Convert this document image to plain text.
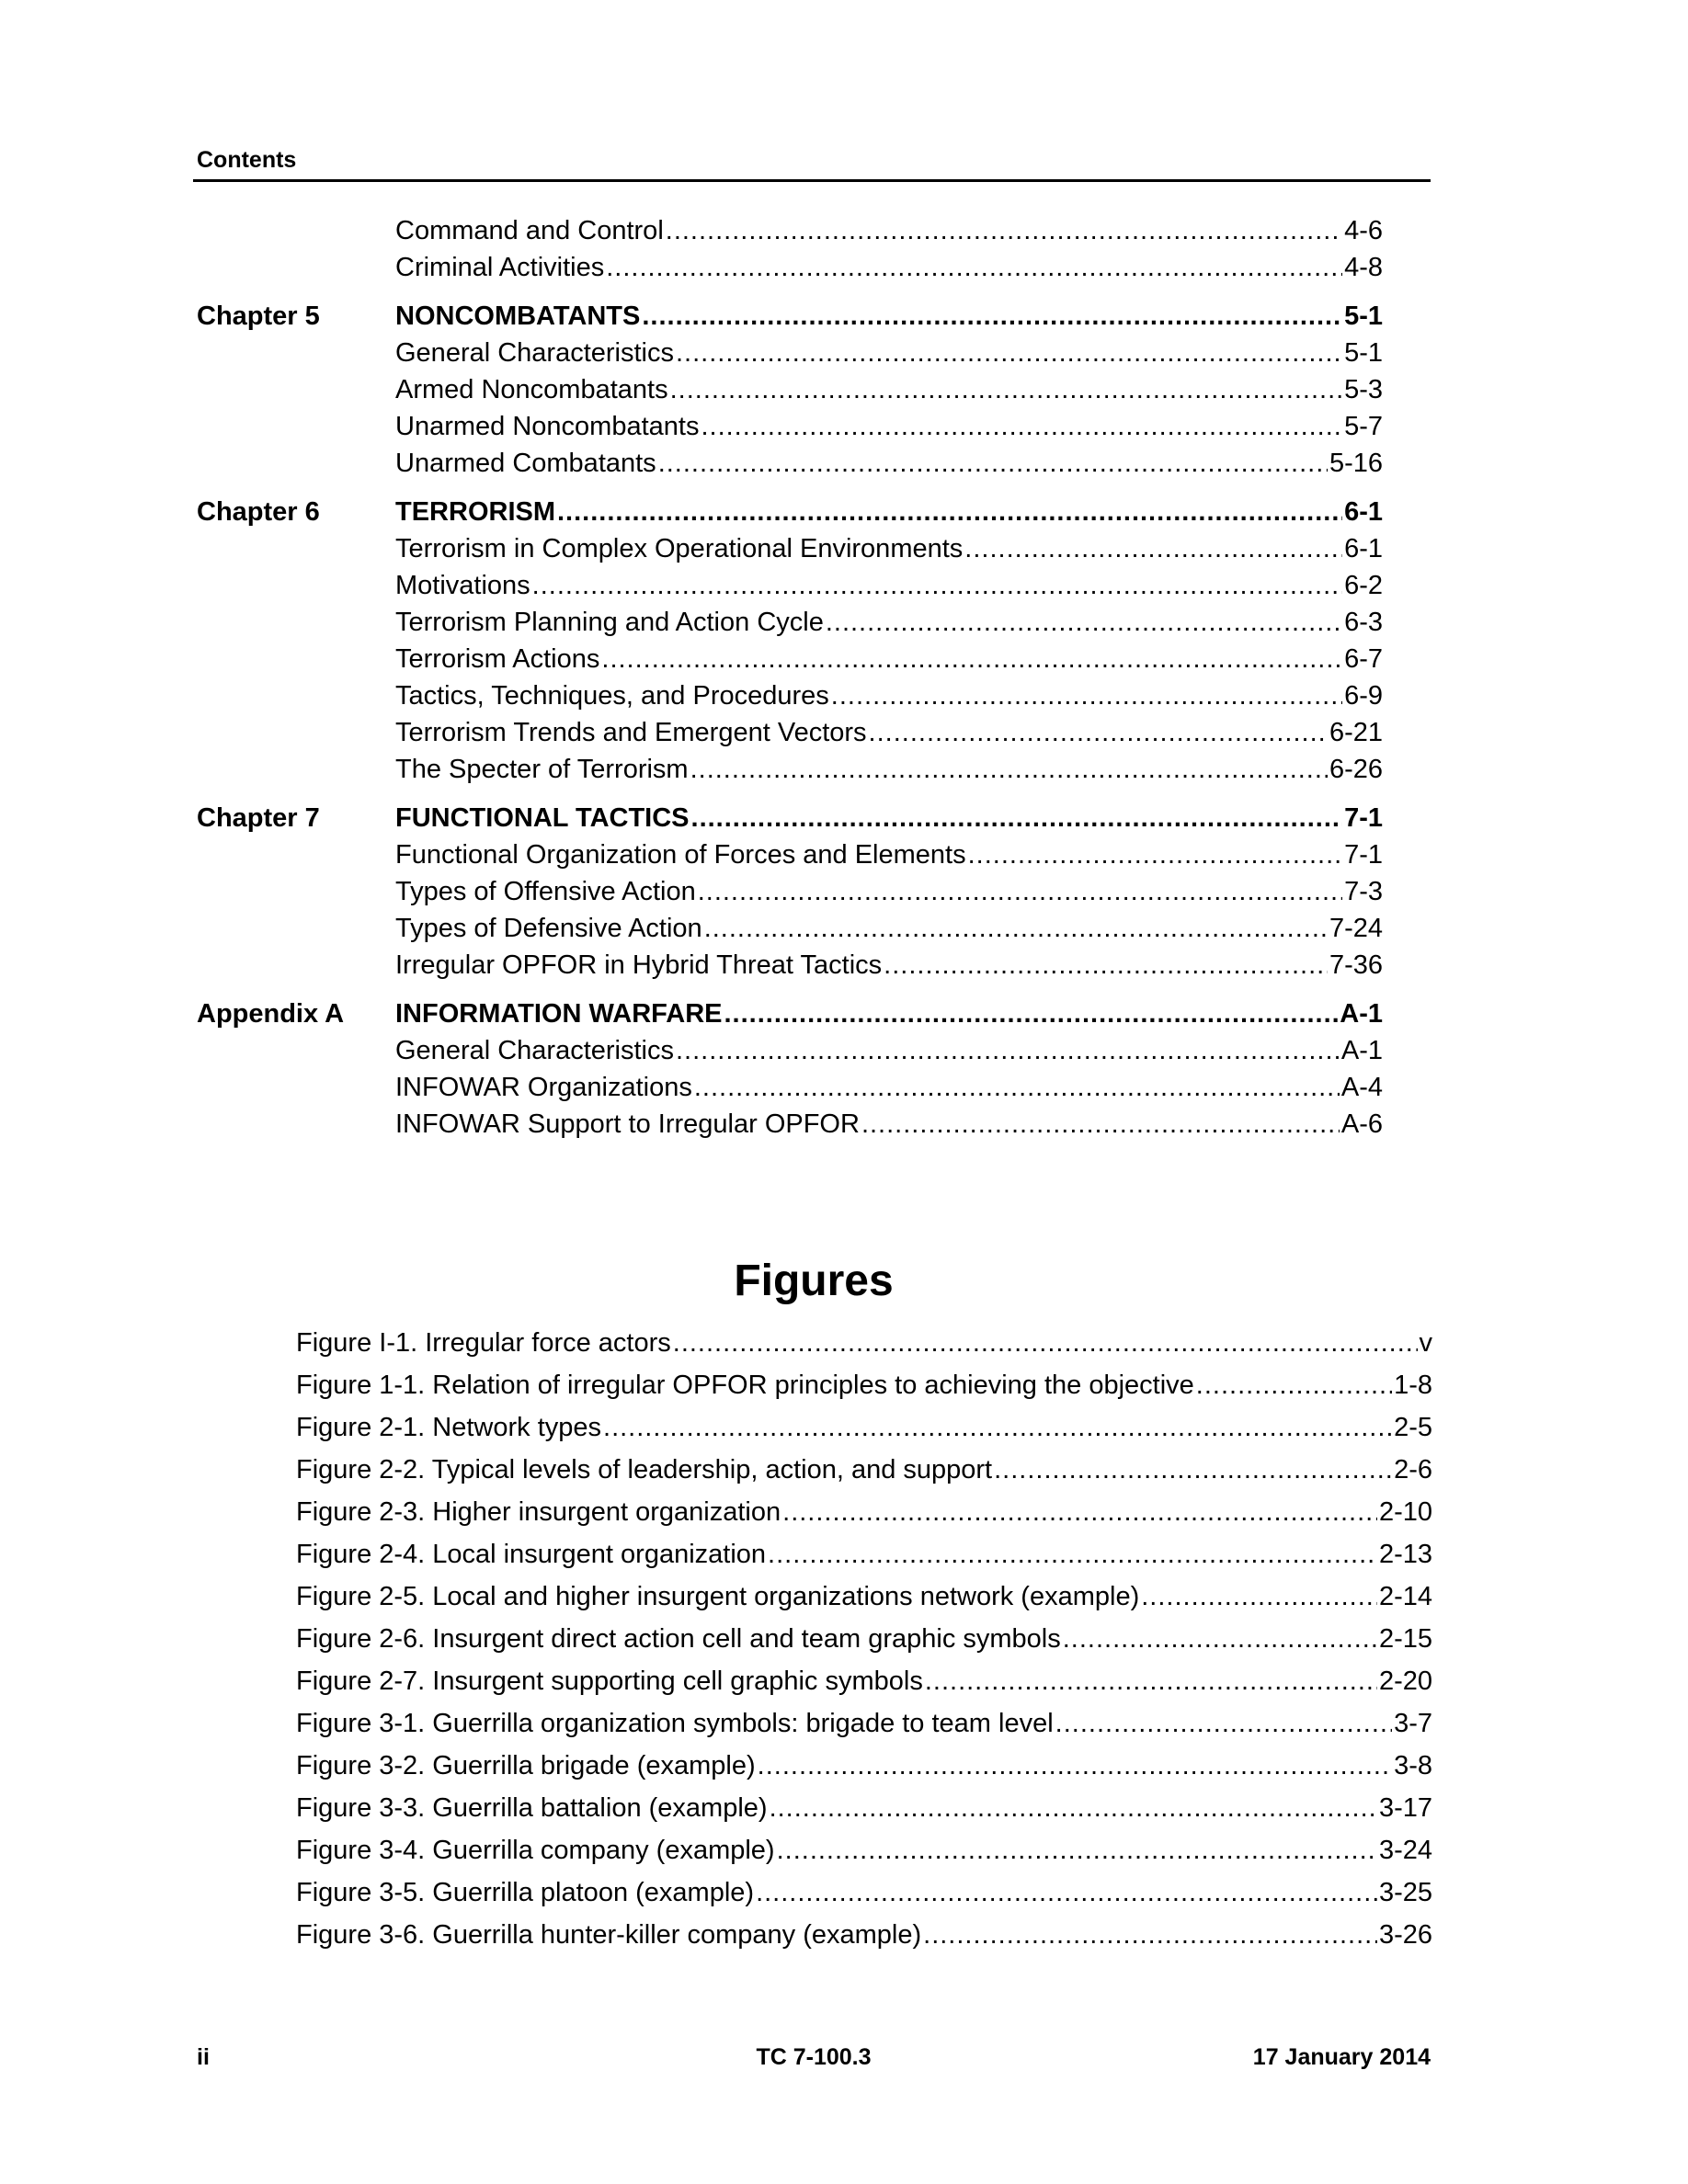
Contents
Command and Control .....	4-6
Criminal Activities .....	4-8
Chapter 5	NONCOMBATANTS .....	5-1
General Characteristics .....	5-1
Armed Noncombatants .....	5-3
Unarmed Noncombatants .....	5-7
Unarmed Combatants .....	5-16
Chapter 6	TERRORISM .....	6-1
Terrorism in Complex Operational Environments .....	6-1
Motivations .....	6-2
Terrorism Planning and Action Cycle .....	6-3
Terrorism Actions .....	6-7
Tactics, Techniques, and Procedures .....	6-9
Terrorism Trends and Emergent Vectors .....	6-21
The Specter of Terrorism .....	6-26
Chapter 7	FUNCTIONAL TACTICS .....	7-1
Functional Organization of Forces and Elements .....	7-1
Types of Offensive Action .....	7-3
Types of Defensive Action .....	7-24
Irregular OPFOR in Hybrid Threat Tactics .....	7-36
Appendix A	INFORMATION WARFARE .....	A-1
General Characteristics .....	A-1
INFOWAR Organizations .....	A-4
INFOWAR Support to Irregular OPFOR .....	A-6
Figures
Figure I-1. Irregular force actors .....	v
Figure 1-1. Relation of irregular OPFOR principles to achieving the objective .....	1-8
Figure 2-1. Network types .....	2-5
Figure 2-2. Typical levels of leadership, action, and support .....	2-6
Figure 2-3. Higher insurgent organization .....	2-10
Figure 2-4. Local insurgent organization .....	2-13
Figure 2-5. Local and higher insurgent organizations network (example) .....	2-14
Figure 2-6. Insurgent direct action cell and team graphic symbols .....	2-15
Figure 2-7. Insurgent supporting cell graphic symbols .....	2-20
Figure 3-1. Guerrilla organization symbols: brigade to team level .....	3-7
Figure 3-2. Guerrilla brigade (example) .....	3-8
Figure 3-3. Guerrilla battalion (example) .....	3-17
Figure 3-4. Guerrilla company (example) .....	3-24
Figure 3-5. Guerrilla platoon (example) .....	3-25
Figure 3-6. Guerrilla hunter-killer company (example) .....	3-26
ii	TC 7-100.3	17 January 2014
